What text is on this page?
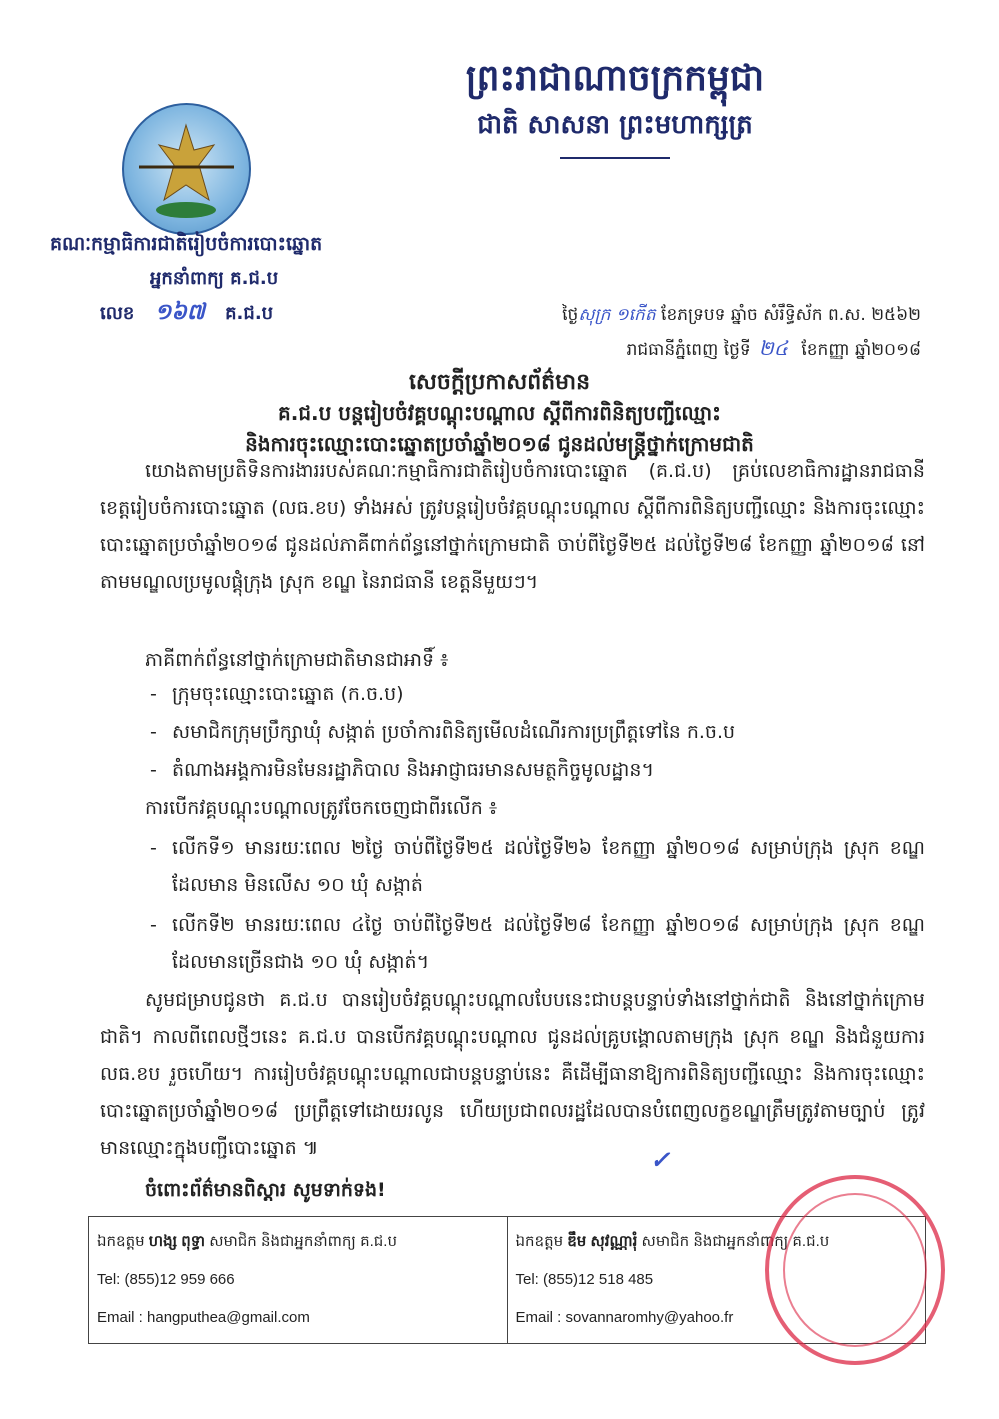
ព្រះរាជាណាចក្រកម្ពុជា
ជាតិ សាសនា ព្រះមហាក្សត្រ
គណៈកម្មាធិការជាតិរៀបចំការបោះឆ្នោត
អ្នកនាំពាក្យ គ.ជ.ប
លេខ ១៦៧ គ.ជ.ប	ថ្ងៃសុក្រ ១កើត ខែភទ្របទ ឆ្នាំច សំរឹទ្ធិស័ក ព.ស. ២៥៦២
រាជធានីភ្នំពេញ ថ្ងៃទី ២៤ ខែកញ្ញា ឆ្នាំ២០១៨
សេចក្ដីប្រកាសព័ត៌មាន
គ.ជ.ប បន្តរៀបចំវគ្គបណ្ដុះបណ្ដាល ស្ដីពីការពិនិត្យបញ្ជីឈ្មោះ
និងការចុះឈ្មោះបោះឆ្នោតប្រចាំឆ្នាំ២០១៨ ជូនដល់មន្ត្រីថ្នាក់ក្រោមជាតិ
យោងតាមប្រតិទិនការងាររបស់គណៈកម្មាធិការជាតិរៀបចំការបោះឆ្នោត (គ.ជ.ប) គ្រប់លេខាធិការដ្ឋានរាជធានី ខេត្តរៀបចំការបោះឆ្នោត (លធ.ខប) ទាំងអស់ ត្រូវបន្តរៀបចំវគ្គបណ្ដុះបណ្ដាល ស្ដីពីការពិនិត្យបញ្ជីឈ្មោះ និងការចុះឈ្មោះបោះឆ្នោតប្រចាំឆ្នាំ២០១៨ ជូនដល់ភាគីពាក់ព័ន្ធនៅថ្នាក់ក្រោមជាតិ ចាប់ពីថ្ងៃទី២៥ ដល់ថ្ងៃទី២៨ ខែកញ្ញា ឆ្នាំ២០១៨ នៅតាមមណ្ឌលប្រមូលផ្ដុំក្រុង ស្រុក ខណ្ឌ នៃរាជធានី ខេត្តនីមួយៗ។
ភាគីពាក់ព័ន្ធនៅថ្នាក់ក្រោមជាតិមានជាអាទិ៍ ៖
- ក្រុមចុះឈ្មោះបោះឆ្នោត (ក.ច.ប)
- សមាជិកក្រុមប្រឹក្សាឃុំ សង្កាត់ ប្រចាំការពិនិត្យមើលដំណើរការប្រព្រឹត្តទៅនៃ ក.ច.ប
- តំណាងអង្គការមិនមែនរដ្ឋាភិបាល និងអាជ្ញាធរមានសមត្ថកិច្ចមូលដ្ឋាន។
ការបើកវគ្គបណ្ដុះបណ្ដាលត្រូវចែកចេញជាពីរលើក ៖
- លើកទី១ មានរយៈពេល ២ថ្ងៃ ចាប់ពីថ្ងៃទី២៥ ដល់ថ្ងៃទី២៦ ខែកញ្ញា ឆ្នាំ២០១៨ សម្រាប់ក្រុង ស្រុក ខណ្ឌ ដែលមាន មិនលើស ១០ ឃុំ សង្កាត់
- លើកទី២ មានរយៈពេល ៤ថ្ងៃ ចាប់ពីថ្ងៃទី២៥ ដល់ថ្ងៃទី២៨ ខែកញ្ញា ឆ្នាំ២០១៨ សម្រាប់ក្រុង ស្រុក ខណ្ឌ ដែលមានច្រើនជាង ១០ ឃុំ សង្កាត់។
សូមជម្រាបជូនថា គ.ជ.ប បានរៀបចំវគ្គបណ្ដុះបណ្ដាលបែបនេះជាបន្តបន្ទាប់ទាំងនៅថ្នាក់ជាតិ និងនៅថ្នាក់ក្រោមជាតិ។ កាលពីពេលថ្មីៗនេះ គ.ជ.ប បានបើកវគ្គបណ្ដុះបណ្ដាល ជូនដល់គ្រូបង្គោលតាមក្រុង ស្រុក ខណ្ឌ និងជំនួយការ លធ.ខប រួចហើយ។ ការរៀបចំវគ្គបណ្ដុះបណ្ដាលជាបន្តបន្ទាប់នេះ គឺដើម្បីធានាឱ្យការពិនិត្យបញ្ជីឈ្មោះ និងការចុះឈ្មោះបោះឆ្នោតប្រចាំឆ្នាំ២០១៨ ប្រព្រឹត្តទៅដោយរលូន ហើយប្រជាពលរដ្ឋដែលបានបំពេញលក្ខខណ្ឌត្រឹមត្រូវតាមច្បាប់ ត្រូវមានឈ្មោះក្នុងបញ្ជីបោះឆ្នោត ៕	✓
ចំពោះព័ត៌មានពិស្ដារ សូមទាក់ទង!
ឯកឧត្ដម ហង្ស ពុទ្ធា សមាជិក និងជាអ្នកនាំពាក្យ គ.ជ.ប
Tel: (855)12 959 666
Email : hangputhea@gmail.com

ឯកឧត្ដម ឌឹម សុវណ្ណារុំ សមាជិក និងជាអ្នកនាំពាក្យ គ.ជ.ប
Tel: (855)12 518 485
Email : sovannaromhy@yahoo.fr
